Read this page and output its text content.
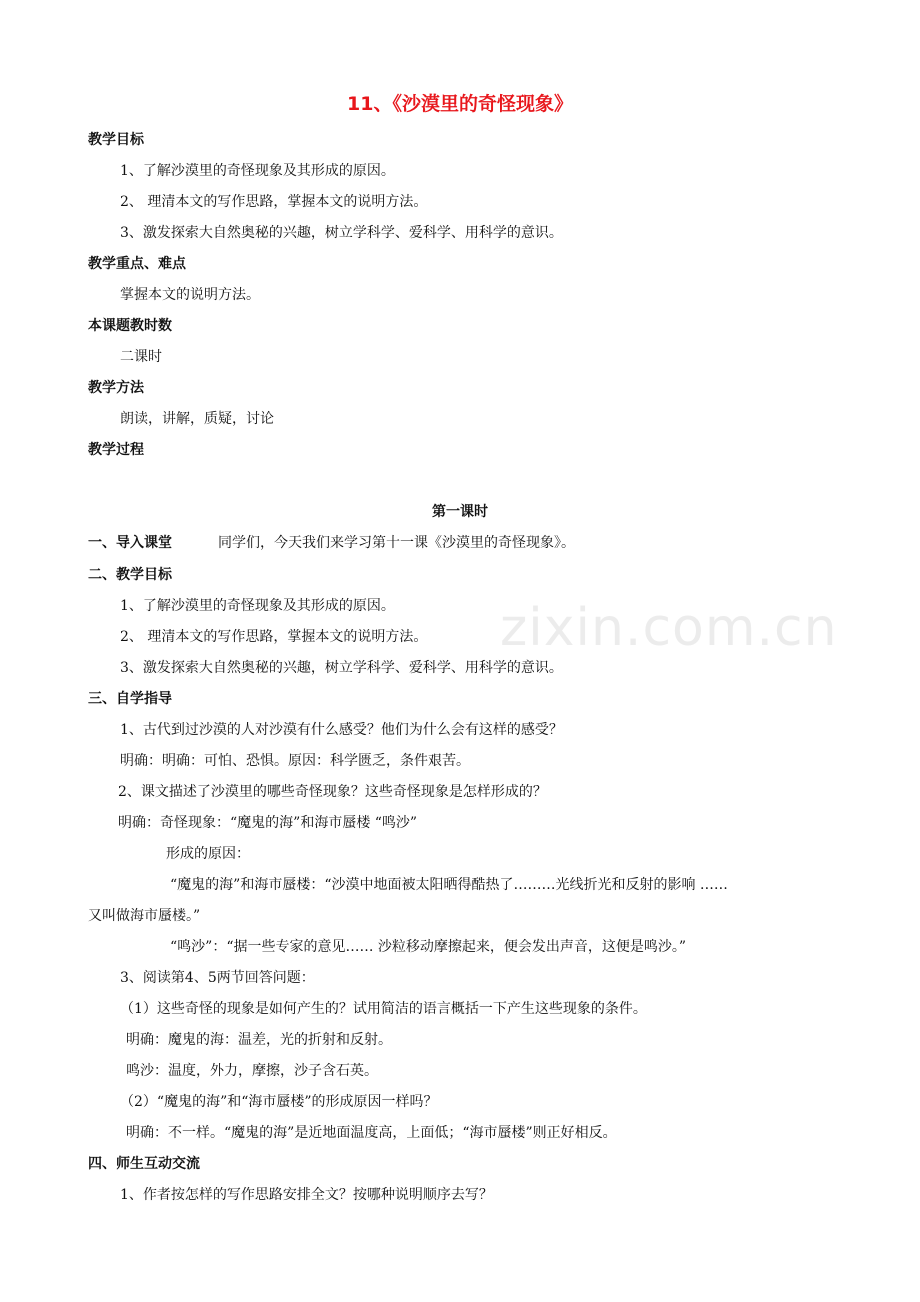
zixin.com.cn
11、《沙漠里的奇怪现象》
教学目标
1、了解沙漠里的奇怪现象及其形成的原因。
2、 理清本文的写作思路，掌握本文的说明方法。
3、激发探索大自然奥秘的兴趣，树立学科学、爱科学、用科学的意识。
教学重点、难点
掌握本文的说明方法。
本课题教时数
二课时
教学方法
朗读，讲解，质疑，讨论
教学过程
第一课时
一、导入课堂	同学们，今天我们来学习第十一课《沙漠里的奇怪现象》。
二、教学目标
1、了解沙漠里的奇怪现象及其形成的原因。
2、 理清本文的写作思路，掌握本文的说明方法。
3、激发探索大自然奥秘的兴趣，树立学科学、爱科学、用科学的意识。
三、自学指导
1、古代到过沙漠的人对沙漠有什么感受？他们为什么会有这样的感受？
明确：明确：可怕、恐惧。原因：科学匮乏，条件艰苦。
2、课文描述了沙漠里的哪些奇怪现象？这些奇怪现象是怎样形成的？
明确：奇怪现象：“魔鬼的海”和海市蜃楼 “鸣沙”
形成的原因：
“魔鬼的海”和海市蜃楼：“沙漠中地面被太阳晒得酷热了………光线折光和反射的影响 ……
又叫做海市蜃楼。”
“鸣沙”：“据一些专家的意见…… 沙粒移动摩擦起来，便会发出声音，这便是鸣沙。”
3、阅读第4、5两节回答问题：
（1）这些奇怪的现象是如何产生的？试用简洁的语言概括一下产生这些现象的条件。
明确：魔鬼的海：温差，光的折射和反射。
鸣沙：温度，外力，摩擦，沙子含石英。
（2）“魔鬼的海”和“海市蜃楼”的形成原因一样吗？
明确：不一样。“魔鬼的海”是近地面温度高，上面低；“海市蜃楼”则正好相反。
四、师生互动交流
1、作者按怎样的写作思路安排全文？按哪种说明顺序去写？
